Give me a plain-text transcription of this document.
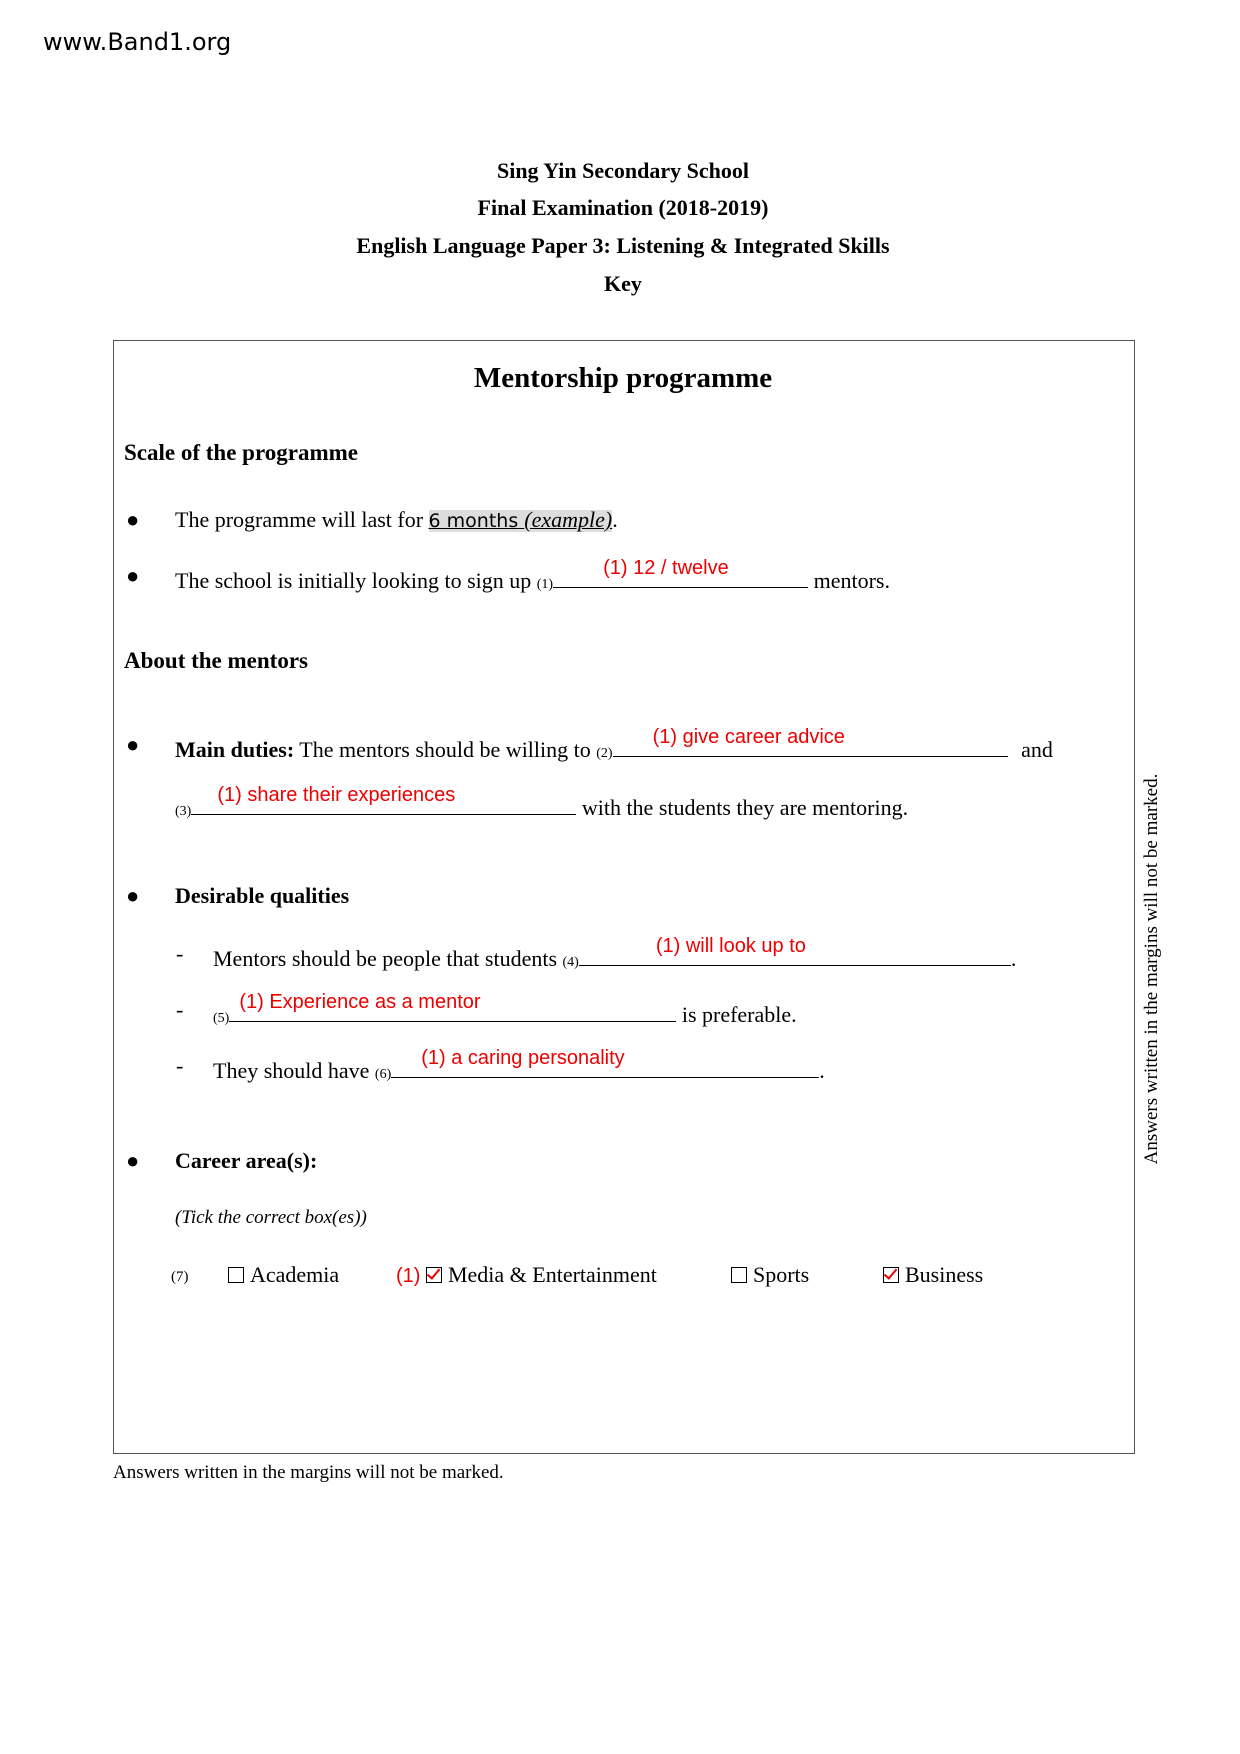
www.Band1.org
Sing Yin Secondary School
Final Examination (2018-2019)
English Language Paper 3: Listening & Integrated Skills
Key
Mentorship programme
Scale of the programme
● The programme will last for 6 months (example).
● The school is initially looking to sign up (1)
(1) 12 / twelve	mentors.
About the mentors
● Main duties: The mentors should be willing to (2)
(1) give career advice	and
(3)
(1) share their experiences	with the students they are mentoring.
● Desirable qualities
- Mentors should be people that students (4)
(1) will look up to	.
- (5)
(1) Experience as a mentor	is preferable.
- They should have (6)
(1) a caring personality	.
● Career area(s):
(Tick the correct box(es))
(7)	Academia	(1) Media & Entertainment	Sports	Business
Answers written in the margins will not be marked.
Answers written in the margins will not be marked.
